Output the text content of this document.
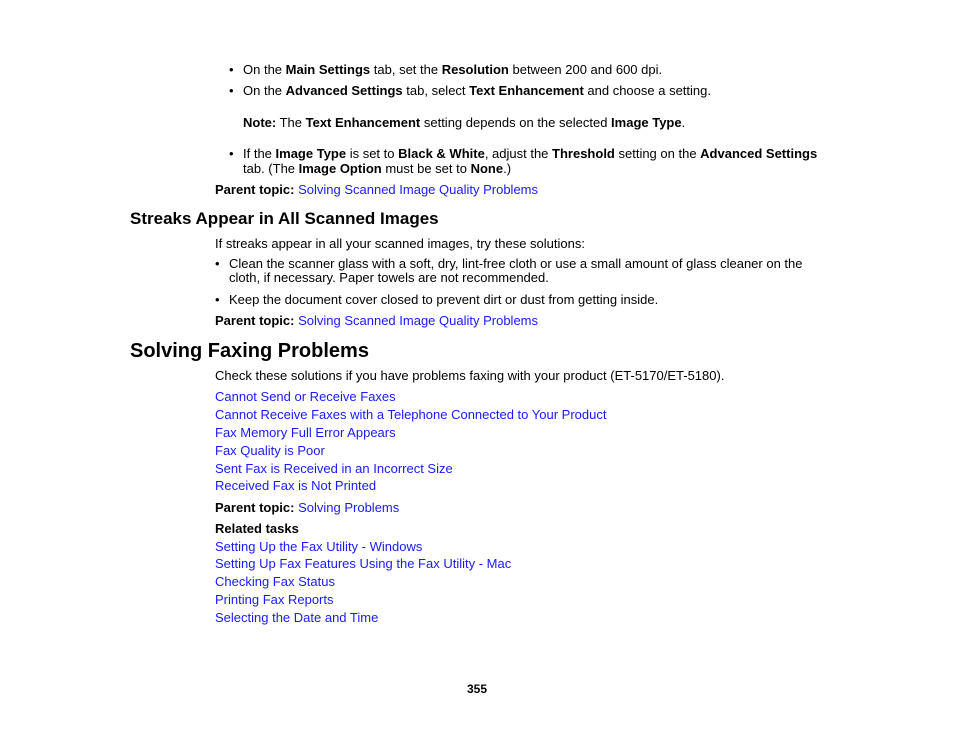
• On the Main Settings tab, set the Resolution between 200 and 600 dpi.
• On the Advanced Settings tab, select Text Enhancement and choose a setting.
Note: The Text Enhancement setting depends on the selected Image Type.
• If the Image Type is set to Black & White, adjust the Threshold setting on the Advanced Settings
tab. (The Image Option must be set to None.)
Parent topic: Solving Scanned Image Quality Problems
Streaks Appear in All Scanned Images
If streaks appear in all your scanned images, try these solutions:
• Clean the scanner glass with a soft, dry, lint-free cloth or use a small amount of glass cleaner on the
cloth, if necessary. Paper towels are not recommended.
• Keep the document cover closed to prevent dirt or dust from getting inside.
Parent topic: Solving Scanned Image Quality Problems
Solving Faxing Problems
Check these solutions if you have problems faxing with your product (ET-5170/ET-5180).
Cannot Send or Receive Faxes
Cannot Receive Faxes with a Telephone Connected to Your Product
Fax Memory Full Error Appears
Fax Quality is Poor
Sent Fax is Received in an Incorrect Size
Received Fax is Not Printed
Parent topic: Solving Problems
Related tasks
Setting Up the Fax Utility - Windows
Setting Up Fax Features Using the Fax Utility - Mac
Checking Fax Status
Printing Fax Reports
Selecting the Date and Time
355
